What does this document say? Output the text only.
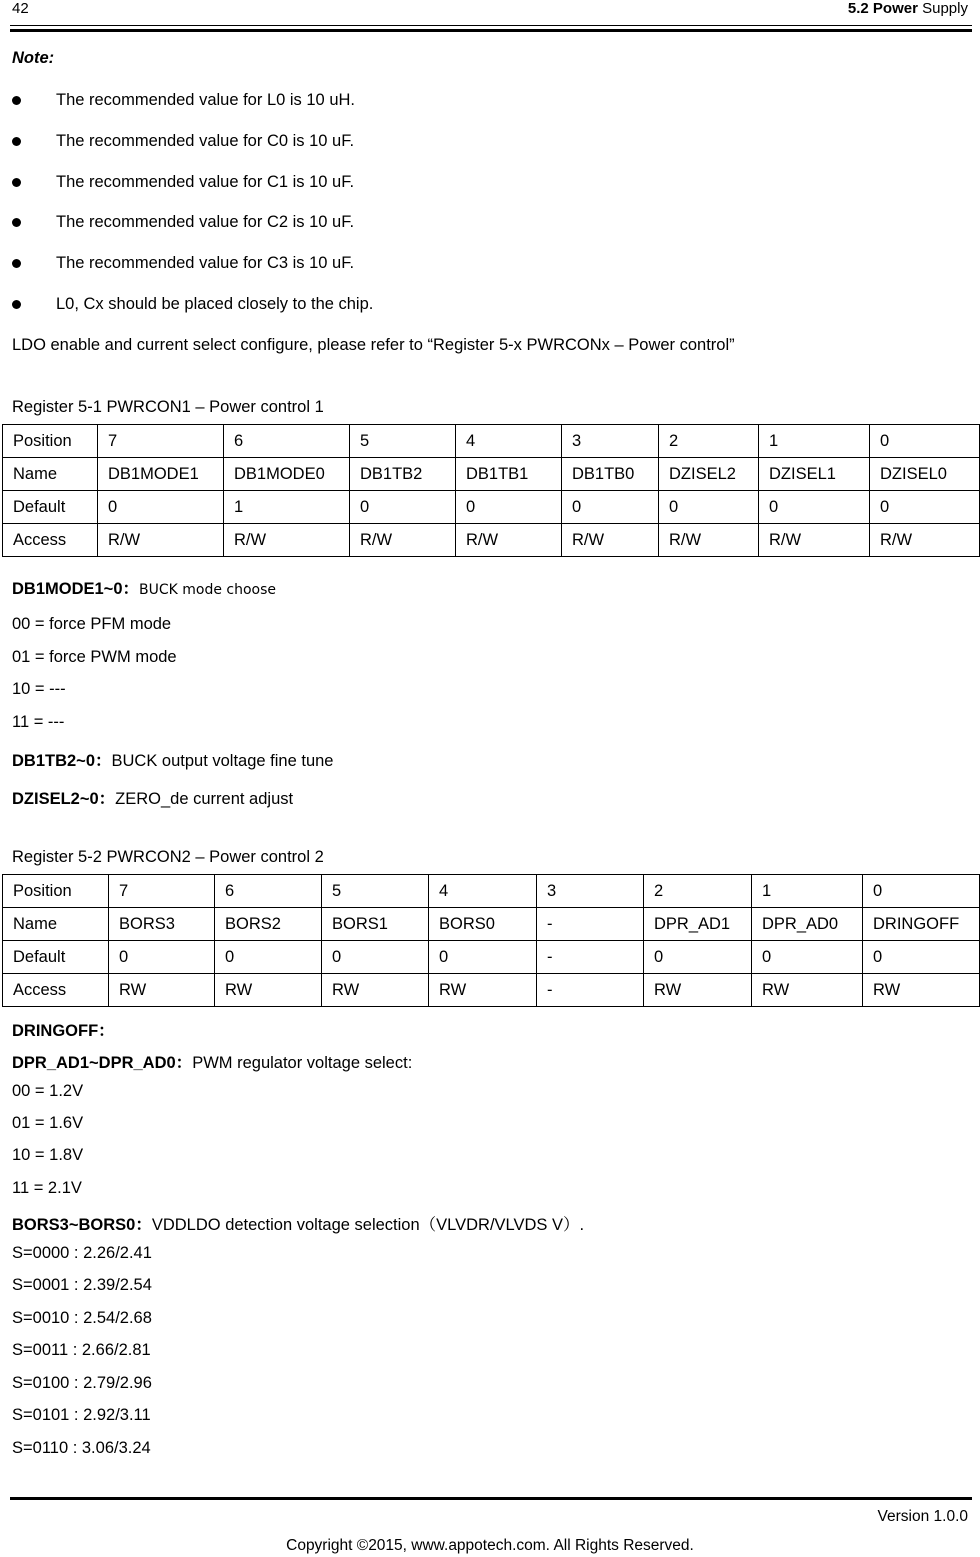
42	5.2 Power Supply
Note:
The recommended value for L0 is 10 uH.
The recommended value for C0 is 10 uF.
The recommended value for C1 is 10 uF.
The recommended value for C2 is 10 uF.
The recommended value for C3 is 10 uF.
L0, Cx should be placed closely to the chip.
LDO enable and current select configure, please refer to “Register 5-x PWRCONx – Power control”
Register 5-1 PWRCON1 – Power control 1
Position	7	6	5	4	3	2	1	0
Name	DB1MODE1	DB1MODE0	DB1TB2	DB1TB1	DB1TB0	DZISEL2	DZISEL1	DZISEL0
Default	0	1	0	0	0	0	0	0
Access	R/W	R/W	R/W	R/W	R/W	R/W	R/W	R/W
DB1MODE1~0：BUCK mode choose
00 = force PFM mode
01 = force PWM mode
10 = ---
11 = ---
DB1TB2~0：BUCK output voltage fine tune
DZISEL2~0：ZERO_de current adjust
Register 5-2 PWRCON2 – Power control 2
Position	7	6	5	4	3	2	1	0
Name	BORS3	BORS2	BORS1	BORS0	-	DPR_AD1	DPR_AD0	DRINGOFF
Default	0	0	0	0	-	0	0	0
Access	RW	RW	RW	RW	-	RW	RW	RW
DRINGOFF：
DPR_AD1~DPR_AD0：PWM regulator voltage select:
00 = 1.2V
01 = 1.6V
10 = 1.8V
11 = 2.1V
BORS3~BORS0：VDDLDO detection voltage selection（VLVDR/VLVDS V）.
S=0000 : 2.26/2.41
S=0001 : 2.39/2.54
S=0010 : 2.54/2.68
S=0011 : 2.66/2.81
S=0100 : 2.79/2.96
S=0101 : 2.92/3.11
S=0110 : 3.06/3.24
Version 1.0.0
Copyright ©2015, www.appotech.com. All Rights Reserved.
